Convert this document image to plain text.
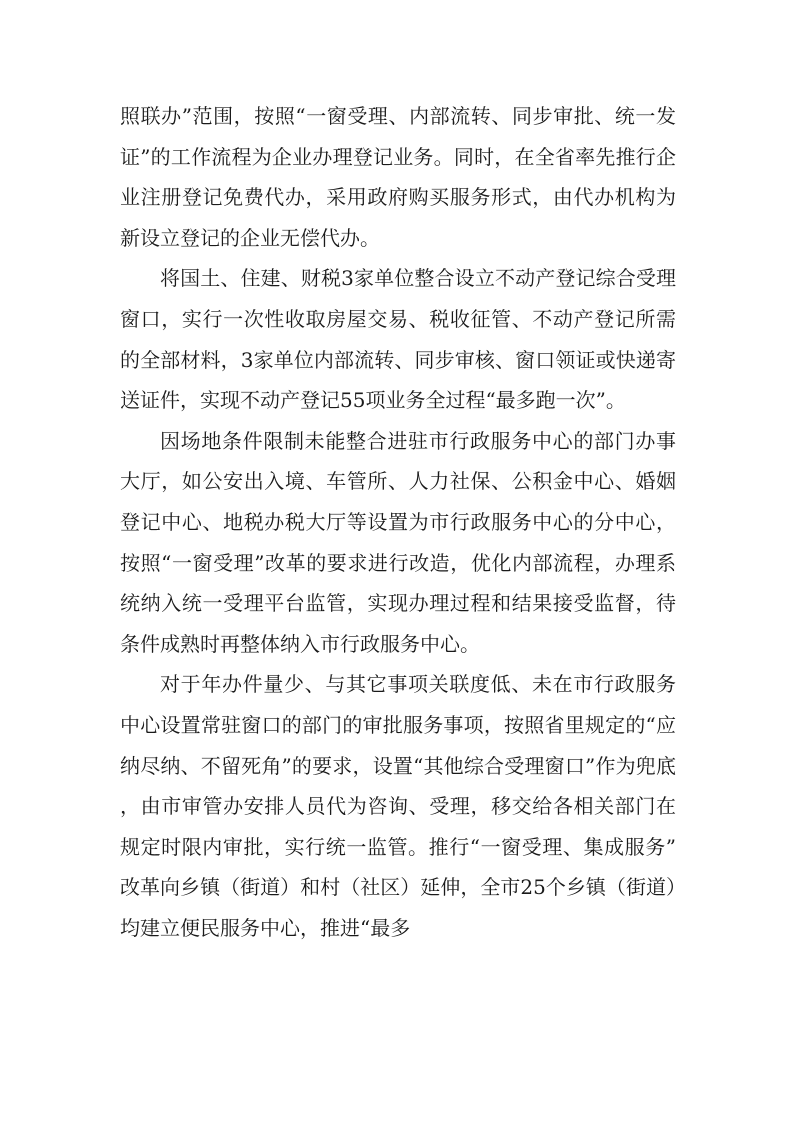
照联办”范围，按照“一窗受理、内部流转、同步审批、统一发证”的工作流程为企业办理登记业务。同时，在全省率先推行企业注册登记免费代办，采用政府购买服务形式，由代办机构为新设立登记的企业无偿代办。

将国土、住建、财税3家单位整合设立不动产登记综合受理窗口，实行一次性收取房屋交易、税收征管、不动产登记所需的全部材料，3家单位内部流转、同步审核、窗口领证或快递寄送证件，实现不动产登记55项业务全过程“最多跑一次”。

因场地条件限制未能整合进驻市行政服务中心的部门办事大厅，如公安出入境、车管所、人力社保、公积金中心、婚姻登记中心、地税办税大厅等设置为市行政服务中心的分中心，按照“一窗受理”改革的要求进行改造，优化内部流程，办理系统纳入统一受理平台监管，实现办理过程和结果接受监督，待条件成熟时再整体纳入市行政服务中心。

对于年办件量少、与其它事项关联度低、未在市行政服务中心设置常驻窗口的部门的审批服务事项，按照省里规定的“应纳尽纳、不留死角”的要求，设置“其他综合受理窗口”作为兜底，由市审管办安排人员代为咨询、受理，移交给各相关部门在规定时限内审批，实行统一监管。推行“一窗受理、集成服务”改革向乡镇（街道）和村（社区）延伸，全市25个乡镇（街道）均建立便民服务中心，推进“最多
